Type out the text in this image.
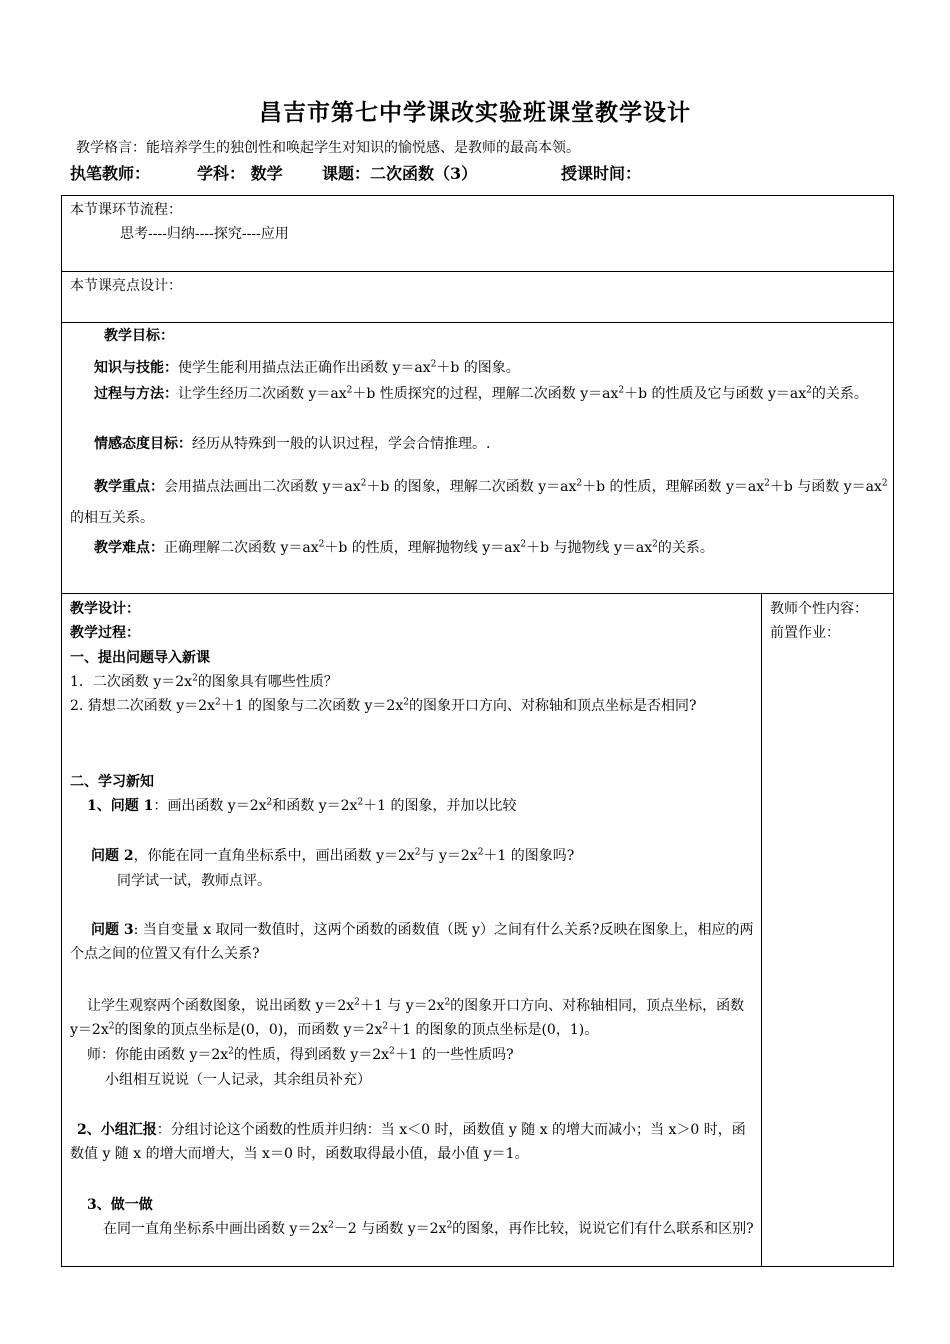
昌吉市第七中学课改实验班课堂教学设计
教学格言：能培养学生的独创性和唤起学生对知识的愉悦感、是教师的最高本领。
执笔教师：	学科： 数学 课题：二次函数（3）	授课时间：
本节课环节流程：
思考----归纳----探究----应用
本节课亮点设计：
教学目标：
知识与技能：使学生能利用描点法正确作出函数 $y=ax^2+b$ 的图象。
过程与方法：让学生经历二次函数 $y=ax^2+b$ 性质探究的过程，理解二次函数 $y=ax^2+b$ 的性质及它与函数 $y=ax^2$的关系。
情感态度目标：经历从特殊到一般的认识过程，学会合情推理。.
教学重点：会用描点法画出二次函数 $y=ax^2+b$ 的图象，理解二次函数 $y=ax^2+b$ 的性质，理解函数 $y=ax^2+b$ 与函数 $y=ax^2$的相互关系。
教学难点：正确理解二次函数 $y=ax^2+b$ 的性质，理解抛物线 $y=ax^2+b$ 与抛物线 $y=ax^2$的关系。
教学设计：
教学过程：
一、提出问题导入新课
1．二次函数 $y=2x^2$的图象具有哪些性质？
2. 猜想二次函数 $y=2x^2+1$ 的图象与二次函数 $y=2x^2$的图象开口方向、对称轴和顶点坐标是否相同?
二、学习新知
1、问题 1：画出函数 $y=2x^2$和函数 $y=2x^2+1$ 的图象，并加以比较
问题 2，你能在同一直角坐标系中，画出函数 $y=2x^2$与 $y=2x^2+1$ 的图象吗?
同学试一试，教师点评。
问题 3: 当自变量 x 取同一数值时，这两个函数的函数值（既 y）之间有什么关系?反映在图象上，相应的两个点之间的位置又有什么关系?
让学生观察两个函数图象，说出函数 $y=2x^2+1$ 与 $y=2x^2$的图象开口方向、对称轴相同，顶点坐标，函数 $y=2x^2$的图象的顶点坐标是(0，0)，而函数 $y=2x^2+1$ 的图象的顶点坐标是(0，1)。
师：你能由函数 $y=2x^2$的性质，得到函数 $y=2x^2+1$ 的一些性质吗?
小组相互说说（一人记录，其余组员补充）
2、小组汇报：分组讨论这个函数的性质并归纳：当 x＜0 时，函数值 y 随 x 的增大而减小；当 x＞0 时，函数值 y 随 x 的增大而增大，当 x＝0 时，函数取得最小值，最小值 y＝1。
3、做一做
在同一直角坐标系中画出函数 $y=2x^2-2$ 与函数 $y=2x^2$的图象，再作比较，说说它们有什么联系和区别?
教师个性内容：
前置作业：
